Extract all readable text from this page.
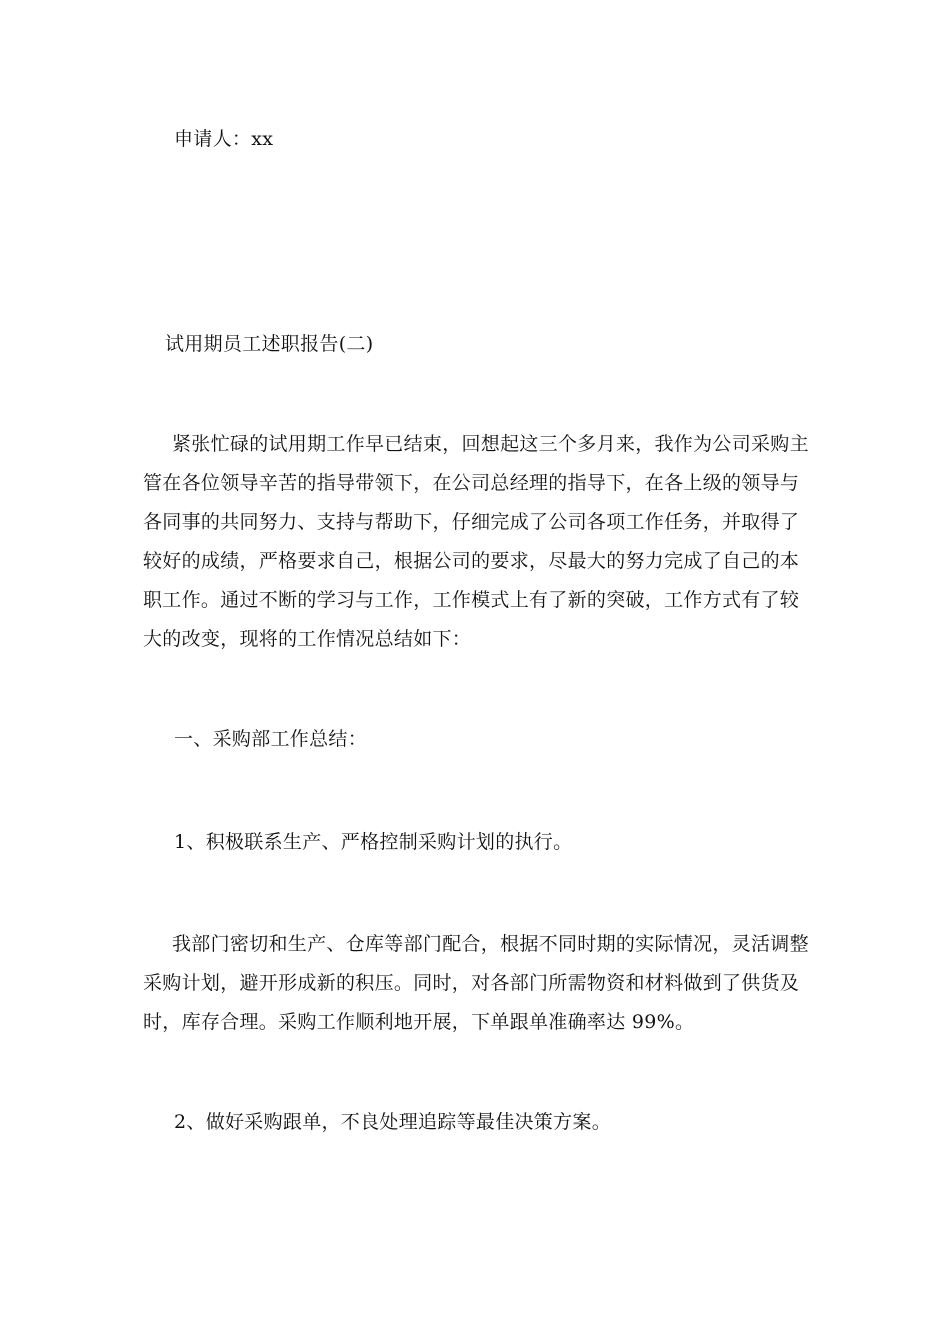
申请人：xx
试用期员工述职报告(二)
紧张忙碌的试用期工作早已结束，回想起这三个多月来，我作为公司采购主
管在各位领导辛苦的指导带领下，在公司总经理的指导下，在各上级的领导与
各同事的共同努力、支持与帮助下，仔细完成了公司各项工作任务，并取得了
较好的成绩，严格要求自己，根据公司的要求，尽最大的努力完成了自己的本
职工作。通过不断的学习与工作，工作模式上有了新的突破，工作方式有了较
大的改变，现将的工作情况总结如下：
一、采购部工作总结：
1、积极联系生产、严格控制采购计划的执行。
我部门密切和生产、仓库等部门配合，根据不同时期的实际情况，灵活调整
采购计划，避开形成新的积压。同时，对各部门所需物资和材料做到了供货及
时，库存合理。采购工作顺利地开展，下单跟单准确率达 99%。
2、做好采购跟单，不良处理追踪等最佳决策方案。
